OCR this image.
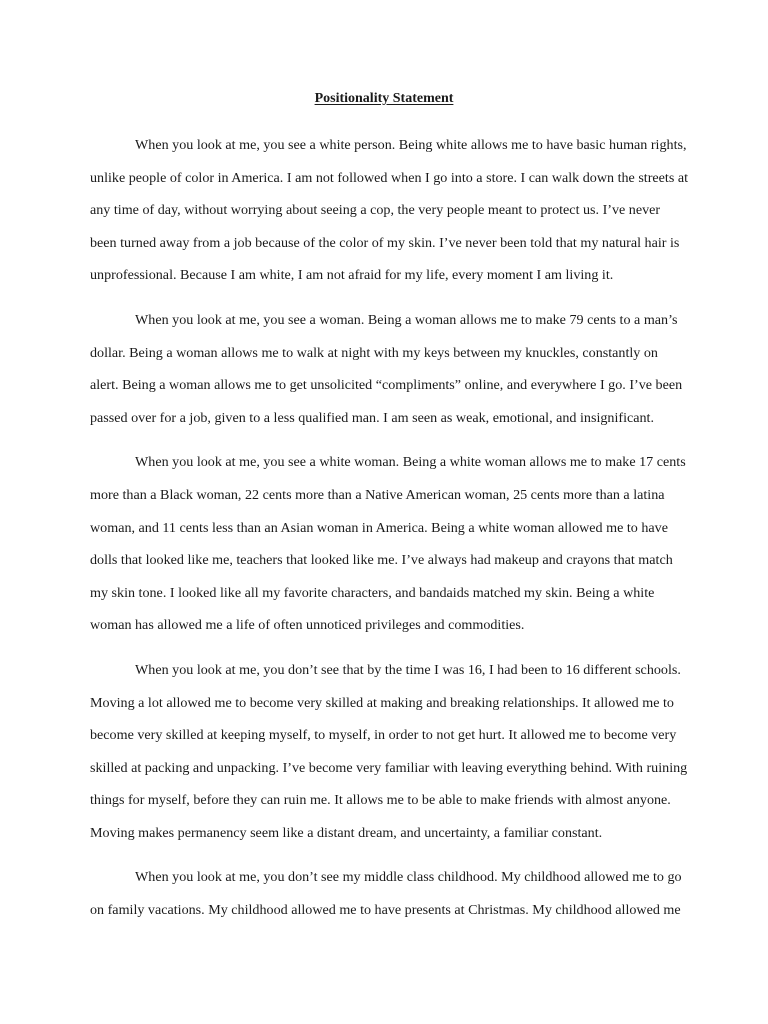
Positionality Statement

When you look at me, you see a white person. Being white allows me to have basic human rights,
unlike people of color in America. I am not followed when I go into a store. I can walk down the streets at
any time of day, without worrying about seeing a cop, the very people meant to protect us. I’ve never
been turned away from a job because of the color of my skin. I’ve never been told that my natural hair is
unprofessional. Because I am white, I am not afraid for my life, every moment I am living it.

When you look at me, you see a woman. Being a woman allows me to make 79 cents to a man’s
dollar. Being a woman allows me to walk at night with my keys between my knuckles, constantly on
alert. Being a woman allows me to get unsolicited “compliments” online, and everywhere I go. I’ve been
passed over for a job, given to a less qualified man. I am seen as weak, emotional, and insignificant.

When you look at me, you see a white woman. Being a white woman allows me to make 17 cents
more than a Black woman, 22 cents more than a Native American woman, 25 cents more than a latina
woman, and 11 cents less than an Asian woman in America. Being a white woman allowed me to have
dolls that looked like me, teachers that looked like me. I’ve always had makeup and crayons that match
my skin tone. I looked like all my favorite characters, and bandaids matched my skin. Being a white
woman has allowed me a life of often unnoticed privileges and commodities.

When you look at me, you don’t see that by the time I was 16, I had been to 16 different schools.
Moving a lot allowed me to become very skilled at making and breaking relationships. It allowed me to
become very skilled at keeping myself, to myself, in order to not get hurt. It allowed me to become very
skilled at packing and unpacking. I’ve become very familiar with leaving everything behind. With ruining
things for myself, before they can ruin me. It allows me to be able to make friends with almost anyone.
Moving makes permanency seem like a distant dream, and uncertainty, a familiar constant.

When you look at me, you don’t see my middle class childhood. My childhood allowed me to go
on family vacations. My childhood allowed me to have presents at Christmas. My childhood allowed me
